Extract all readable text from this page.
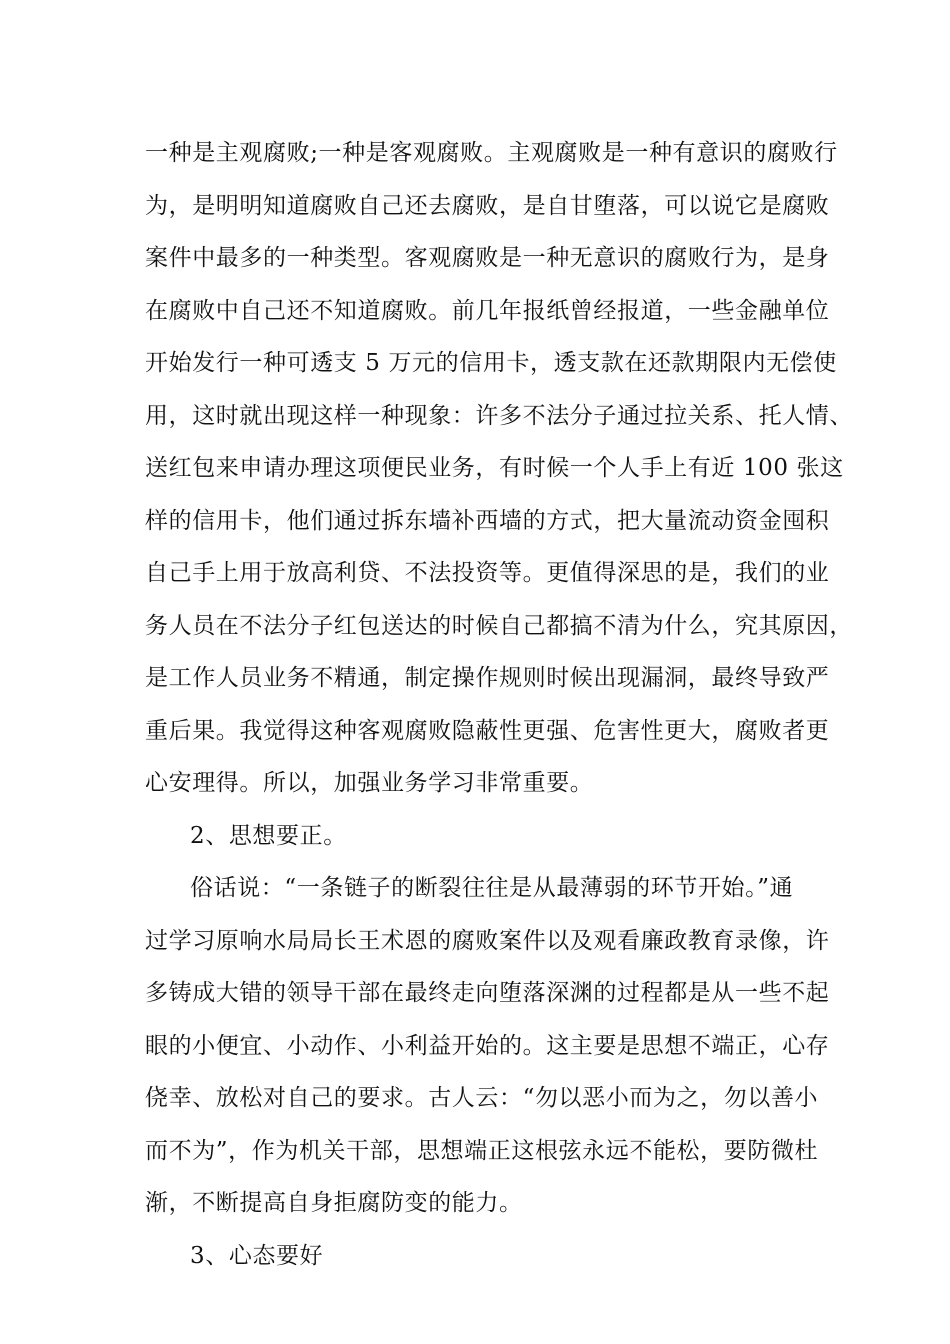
一种是主观腐败;一种是客观腐败。主观腐败是一种有意识的腐败行
为，是明明知道腐败自己还去腐败，是自甘堕落，可以说它是腐败
案件中最多的一种类型。客观腐败是一种无意识的腐败行为，是身
在腐败中自己还不知道腐败。前几年报纸曾经报道，一些金融单位
开始发行一种可透支 5 万元的信用卡，透支款在还款期限内无偿使
用，这时就出现这样一种现象：许多不法分子通过拉关系、托人情、
送红包来申请办理这项便民业务，有时候一个人手上有近 100 张这
样的信用卡，他们通过拆东墙补西墙的方式，把大量流动资金囤积
自己手上用于放高利贷、不法投资等。更值得深思的是，我们的业
务人员在不法分子红包送达的时候自己都搞不清为什么，究其原因，
是工作人员业务不精通，制定操作规则时候出现漏洞，最终导致严
重后果。我觉得这种客观腐败隐蔽性更强、危害性更大，腐败者更
心安理得。所以，加强业务学习非常重要。
2、思想要正。
俗话说：“一条链子的断裂往往是从最薄弱的环节开始。”通
过学习原响水局局长王术恩的腐败案件以及观看廉政教育录像，许
多铸成大错的领导干部在最终走向堕落深渊的过程都是从一些不起
眼的小便宜、小动作、小利益开始的。这主要是思想不端正，心存
侥幸、放松对自己的要求。古人云：“勿以恶小而为之，勿以善小
而不为”，作为机关干部，思想端正这根弦永远不能松，要防微杜
渐，不断提高自身拒腐防变的能力。
3、心态要好
